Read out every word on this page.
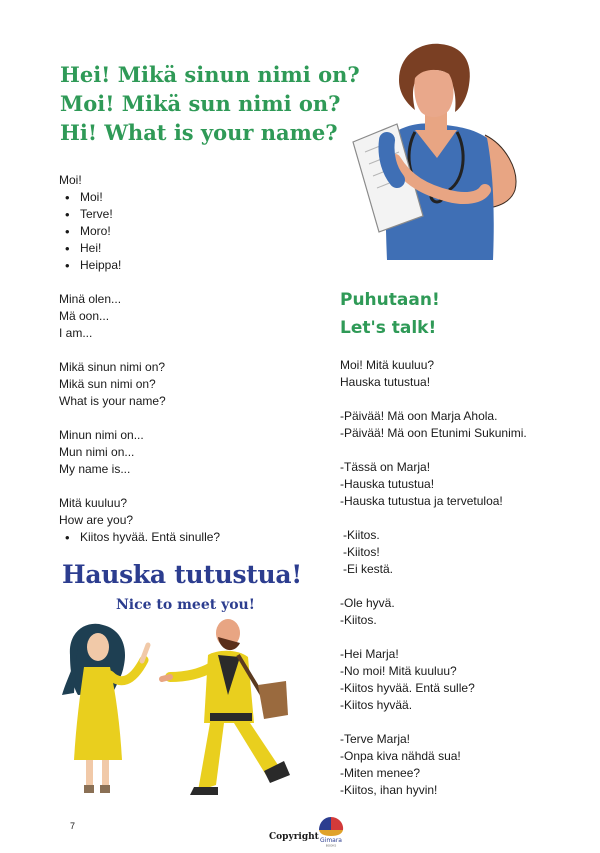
Hei! Mikä sinun nimi on?
Moi! Mikä sun nimi on?
Hi! What is your name?

Moi!

• Moi!
• Terve!
• Moro!
• Hei!
• Heippa!

Minä olen...

Mä oon...

I am...

Mikä sinun nimi on?

Mikä sun nimi on?

What is your name?

Minun nimi on...

Mun nimi on...

My name is...

Mitä kuuluu?

How are you?

• Kiitos hyvää. Entä sinulle?
Hauska tutustua!
Nice to meet you!
Puhutaan!
Let's talk!

Moi! Mitä kuuluu?

Hauska tutustua!

-Päivää! Mä oon Marja Ahola.

-Päivää! Mä oon Etunimi Sukunimi.

-Tässä on Marja!

-Hauska tutustua!

-Hauska tutustua ja tervetuloa!

-Kiitos.

-Kiitos!

-Ei kestä.

-Ole hyvä.

-Kiitos.

-Hei Marja!

-No moi! Mitä kuuluu?

-Kiitos hyvää. Entä sulle?

-Kiitos hyvää.

-Terve Marja!

-Onpa kiva nähdä sua!

-Miten menee?

-Kiitos, ihan hyvin!

7
Copyright Gimara
BOOKS
